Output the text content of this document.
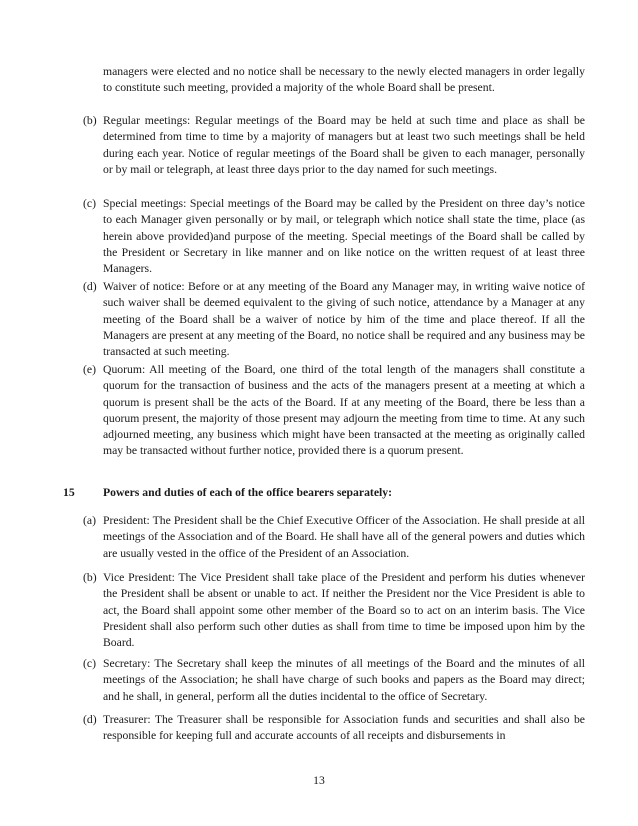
managers were elected and no notice shall be necessary to the newly elected managers in order legally to constitute such meeting, provided a majority of the whole Board shall be present.

(b) Regular meetings: Regular meetings of the Board may be held at such time and place as shall be determined from time to time by a majority of managers but at least two such meetings shall be held during each year. Notice of regular meetings of the Board shall be given to each manager, personally or by mail or telegraph, at least three days prior to the day named for such meetings.

(c) Special meetings: Special meetings of the Board may be called by the President on three day’s notice to each Manager given personally or by mail, or telegraph which notice shall state the time, place (as herein above provided)and purpose of the meeting. Special meetings of the Board shall be called by the President or Secretary in like manner and on like notice on the written request of at least three Managers.

(d) Waiver of notice: Before or at any meeting of the Board any Manager may, in writing waive notice of such waiver shall be deemed equivalent to the giving of such notice, attendance by a Manager at any meeting of the Board shall be a waiver of notice by him of the time and place thereof. If all the Managers are present at any meeting of the Board, no notice shall be required and any business may be transacted at such meeting.

(e) Quorum: All meeting of the Board, one third of the total length of the managers shall constitute a quorum for the transaction of business and the acts of the managers present at a meeting at which a quorum is present shall be the acts of the Board. If at any meeting of the Board, there be less than a quorum present, the majority of those present may adjourn the meeting from time to time. At any such adjourned meeting, any business which might have been transacted at the meeting as originally called may be transacted without further notice, provided there is a quorum present.

15	Powers and duties of each of the office bearers separately:
(a) President: The President shall be the Chief Executive Officer of the Association. He shall preside at all meetings of the Association and of the Board. He shall have all of the general powers and duties which are usually vested in the office of the President of an Association.

(b) Vice President: The Vice President shall take place of the President and perform his duties whenever the President shall be absent or unable to act. If neither the President nor the Vice President is able to act, the Board shall appoint some other member of the Board so to act on an interim basis. The Vice President shall also perform such other duties as shall from time to time be imposed upon him by the Board.

(c) Secretary: The Secretary shall keep the minutes of all meetings of the Board and the minutes of all meetings of the Association; he shall have charge of such books and papers as the Board may direct; and he shall, in general, perform all the duties incidental to the office of Secretary.

(d) Treasurer: The Treasurer shall be responsible for Association funds and securities and shall also be responsible for keeping full and accurate accounts of all receipts and disbursements in

13
